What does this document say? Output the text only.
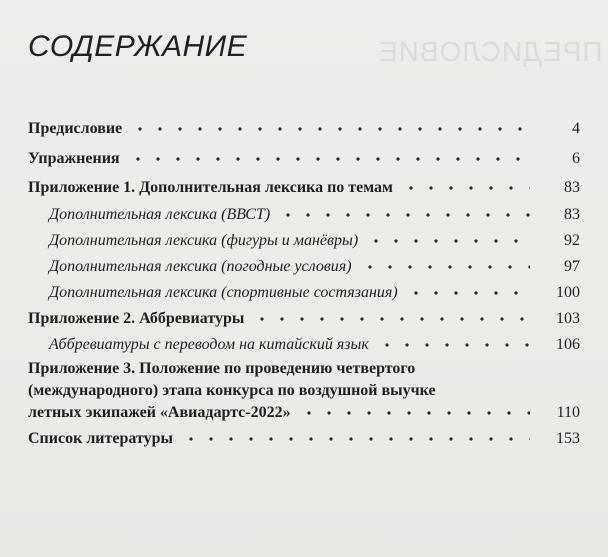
ПРЕДИСЛОВИЕ
СОДЕРЖАНИЕ
Предисловие	4
Упражнения	6
Приложение 1. Дополнительная лексика по темам	83
Дополнительная лексика (ВВСТ)	83
Дополнительная лексика (фигуры и манёвры)	92
Дополнительная лексика (погодные условия)	97
Дополнительная лексика (спортивные состязания)	100
Приложение 2. Аббревиатуры	103
Аббревиатуры с переводом на китайский язык	106
Приложение 3. Положение по проведению четвертого
(международного) этапа конкурса по воздушной выучке
летных экипажей «Авиадартс-2022»	110
Список литературы	153
